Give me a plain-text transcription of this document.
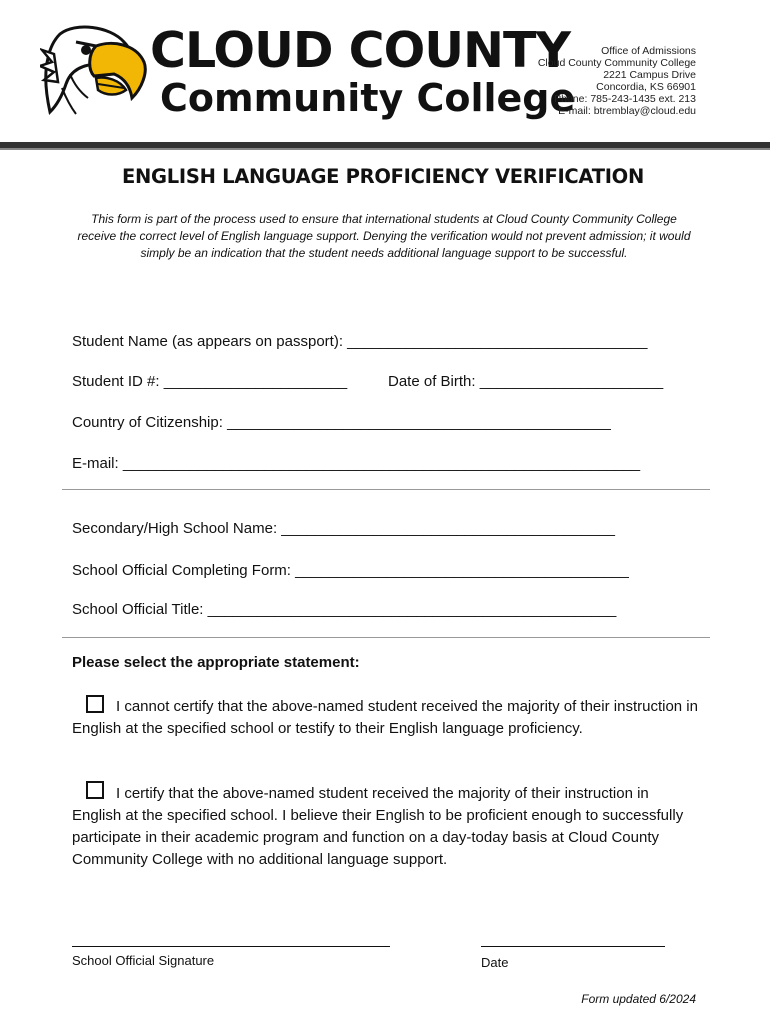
CLOUD COUNTY
Community College
Office of Admissions
Cloud County Community College
2221 Campus Drive
Concordia, KS 66901
Phone: 785-243-1435 ext. 213
E-mail: btremblay@cloud.edu
ENGLISH LANGUAGE PROFICIENCY VERIFICATION
This form is part of the process used to ensure that international students at Cloud County Community College receive the correct level of English language support. Denying the verification would not prevent admission; it would simply be an indication that the student needs additional language support to be successful.
Student Name (as appears on passport): ____________________________________
Student ID #: ______________________	Date of Birth: ______________________
Country of Citizenship: ______________________________________________
E-mail: ______________________________________________________________
Secondary/High School Name: ________________________________________
School Official Completing Form: ________________________________________
School Official Title: _________________________________________________
Please select the appropriate statement:
I cannot certify that the above-named student received the majority of their instruction in English at the specified school or testify to their English language proficiency.
I certify that the above-named student received the majority of their instruction in English at the specified school. I believe their English to be proficient enough to successfully participate in their academic program and function on a day-today basis at Cloud County Community College with no additional language support.
School Official Signature	Date
Form updated 6/2024
